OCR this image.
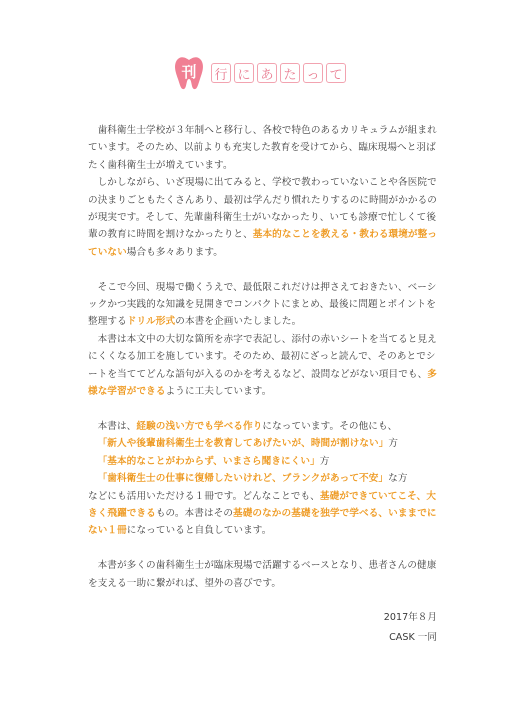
刊	行 に あ た っ て

歯科衛生士学校が３年制へと移行し、各校で特色のあるカリキュラムが組まれています。そのため、以前よりも充実した教育を受けてから、臨床現場へと羽ばたく歯科衛生士が増えています。

しかしながら、いざ現場に出てみると、学校で教わっていないことや各医院での決まりごともたくさんあり、最初は学んだり慣れたりするのに時間がかかるのが現実です。そして、先輩歯科衛生士がいなかったり、いても診療で忙しくて後輩の教育に時間を割けなかったりと、基本的なことを教える・教わる環境が整っていない場合も多々あります。

そこで今回、現場で働くうえで、最低限これだけは押さえておきたい、ベーシックかつ実践的な知識を見開きでコンパクトにまとめ、最後に問題とポイントを整理するドリル形式の本書を企画いたしました。

本書は本文中の大切な箇所を赤字で表記し、添付の赤いシートを当てると見えにくくなる加工を施しています。そのため、最初にざっと読んで、そのあとでシートを当ててどんな語句が入るのかを考えるなど、設問などがない項目でも、多様な学習ができるように工夫しています。

本書は、経験の浅い方でも学べる作りになっています。その他にも、

「新人や後輩歯科衛生士を教育してあげたいが、時間が割けない」方

「基本的なことがわからず、いまさら聞きにくい」方

「歯科衛生士の仕事に復帰したいけれど、ブランクがあって不安」な方

などにも活用いただける１冊です。どんなことでも、基礎ができていてこそ、大きく飛躍できるもの。本書はその基礎のなかの基礎を独学で学べる、いままでにない１冊になっていると自負しています。

本書が多くの歯科衛生士が臨床現場で活躍するベースとなり、患者さんの健康を支える一助に繋がれば、望外の喜びです。

2017年８月
CASK 一同
